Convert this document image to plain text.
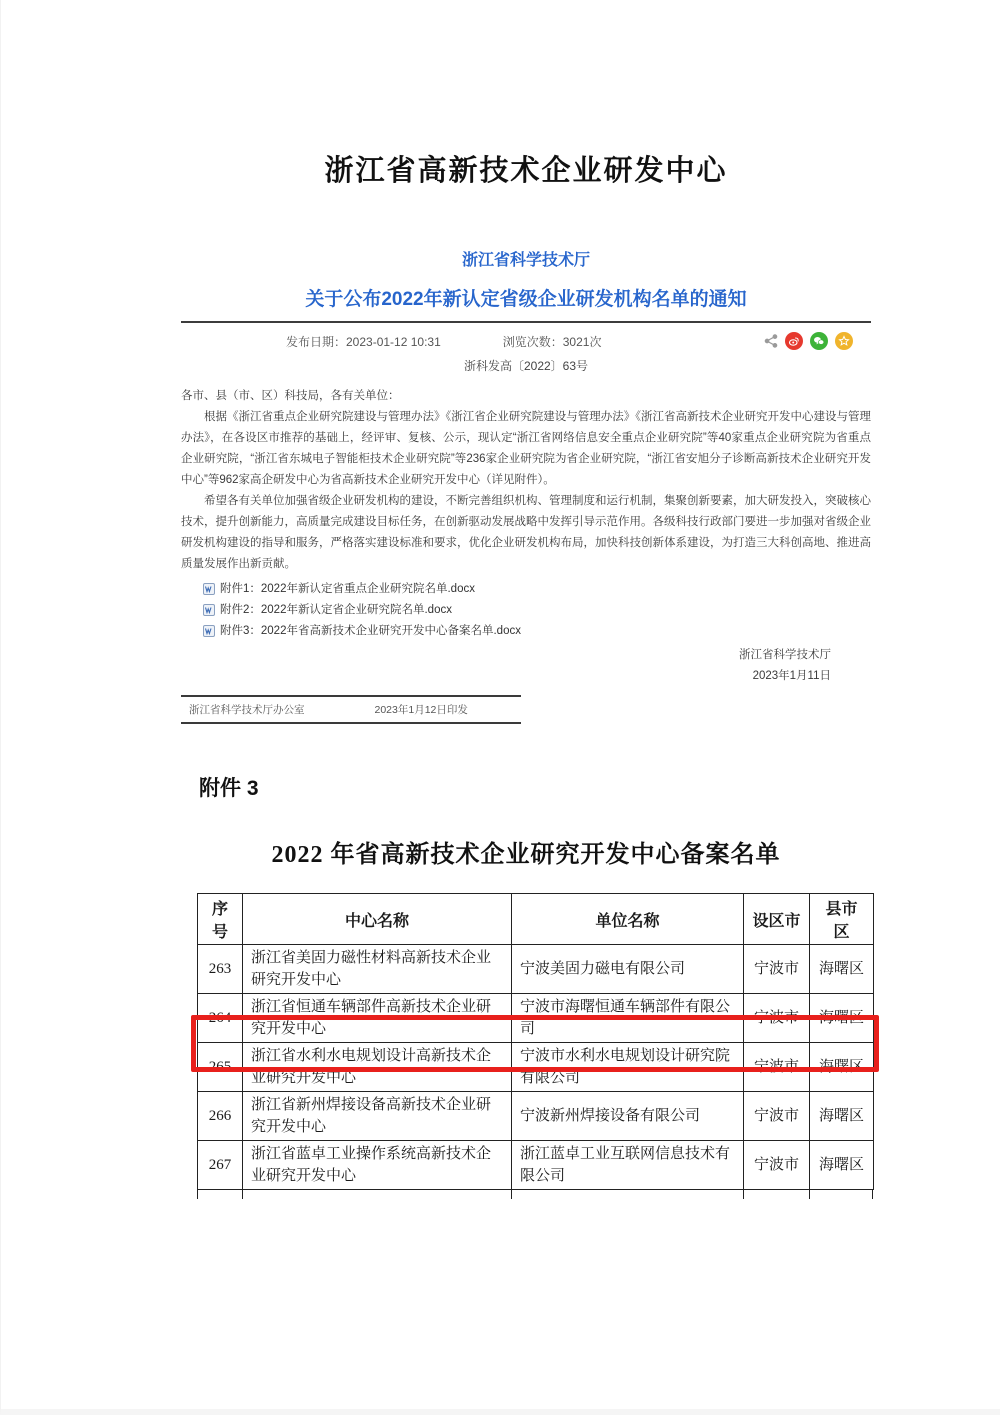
浙江省高新技术企业研发中心
浙江省科学技术厅
关于公布2022年新认定省级企业研发机构名单的通知
发布日期：2023-01-12 10:31	浏览次数：3021次
浙科发高〔2022〕63号

各市、县（市、区）科技局，各有关单位：

根据《浙江省重点企业研究院建设与管理办法》《浙江省企业研究院建设与管理办法》《浙江省高新技术企业研究开发中心建设与管理办法》，在各设区市推荐的基础上，经评审、复核、公示，现认定“浙江省网络信息安全重点企业研究院”等40家重点企业研究院为省重点企业研究院，“浙江省东城电子智能柜技术企业研究院”等236家企业研究院为省企业研究院，“浙江省安旭分子诊断高新技术企业研究开发中心”等962家高企研发中心为省高新技术企业研究开发中心（详见附件）。

希望各有关单位加强省级企业研发机构的建设，不断完善组织机构、管理制度和运行机制，集聚创新要素，加大研发投入，突破核心技术，提升创新能力，高质量完成建设目标任务，在创新驱动发展战略中发挥引导示范作用。各级科技行政部门要进一步加强对省级企业研发机构建设的指导和服务，严格落实建设标准和要求，优化企业研发机构布局，加快科技创新体系建设，为打造三大科创高地、推进高质量发展作出新贡献。

附件1：2022年新认定省重点企业研究院名单.docx
附件2：2022年新认定省企业研究院名单.docx
附件3：2022年省高新技术企业研究开发中心备案名单.docx
浙江省科学技术厅
2023年1月11日
浙江省科学技术厅办公室	2023年1月12日印发
附件 3
2022 年省高新技术企业研究开发中心备案名单
序号	中心名称	单位名称	设区市	县市区
263	浙江省美固力磁性材料高新技术企业研究开发中心	宁波美固力磁电有限公司	宁波市	海曙区
264	浙江省恒通车辆部件高新技术企业研究开发中心	宁波市海曙恒通车辆部件有限公司	宁波市	海曙区
265	浙江省水利水电规划设计高新技术企业研究开发中心	宁波市水利水电规划设计研究院有限公司	宁波市	海曙区
266	浙江省新州焊接设备高新技术企业研究开发中心	宁波新州焊接设备有限公司	宁波市	海曙区
267	浙江省蓝卓工业操作系统高新技术企业研究开发中心	浙江蓝卓工业互联网信息技术有限公司	宁波市	海曙区
